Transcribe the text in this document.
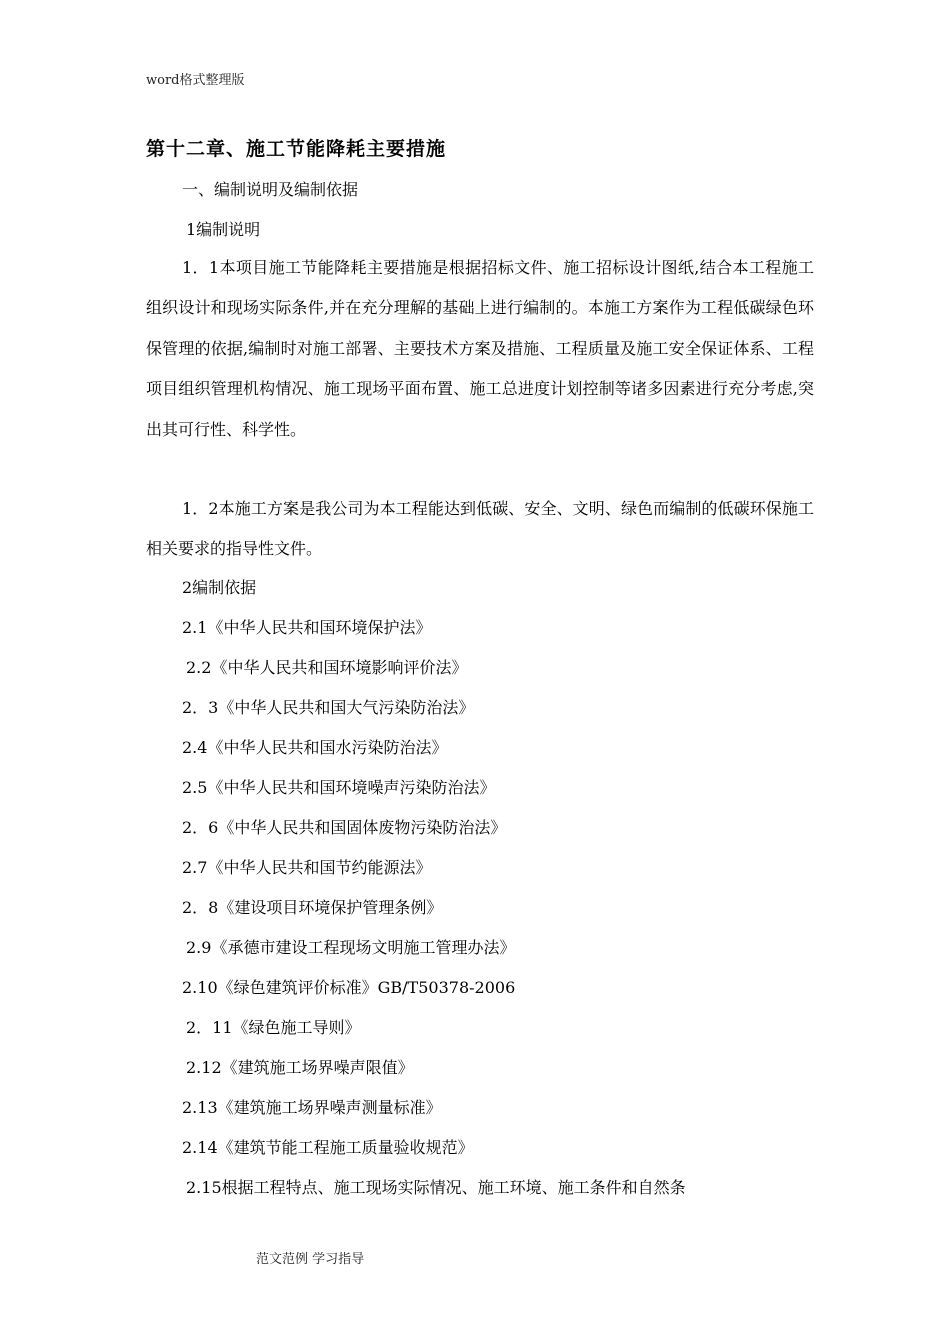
word格式整理版
第十二章、施工节能降耗主要措施
一、编制说明及编制依据
1编制说明
1．1本项目施工节能降耗主要措施是根据招标文件、施工招标设计图纸,结合本工程施工组织设计和现场实际条件,并在充分理解的基础上进行编制的。本施工方案作为工程低碳绿色环保管理的依据,编制时对施工部署、主要技术方案及措施、工程质量及施工安全保证体系、工程项目组织管理机构情况、施工现场平面布置、施工总进度计划控制等诸多因素进行充分考虑,突出其可行性、科学性。
1．2本施工方案是我公司为本工程能达到低碳、安全、文明、绿色而编制的低碳环保施工相关要求的指导性文件。
2编制依据
2.1《中华人民共和国环境保护法》
2.2《中华人民共和国环境影响评价法》
2．3《中华人民共和国大气污染防治法》
2.4《中华人民共和国水污染防治法》
2.5《中华人民共和国环境噪声污染防治法》
2．6《中华人民共和国固体废物污染防治法》
2.7《中华人民共和国节约能源法》
2．8《建设项目环境保护管理条例》
2.9《承德市建设工程现场文明施工管理办法》
2.10《绿色建筑评价标准》GB/T50378-2006
2．11《绿色施工导则》
2.12《建筑施工场界噪声限值》
2.13《建筑施工场界噪声测量标准》
2.14《建筑节能工程施工质量验收规范》
2.15根据工程特点、施工现场实际情况、施工环境、施工条件和自然条
范文范例 学习指导
